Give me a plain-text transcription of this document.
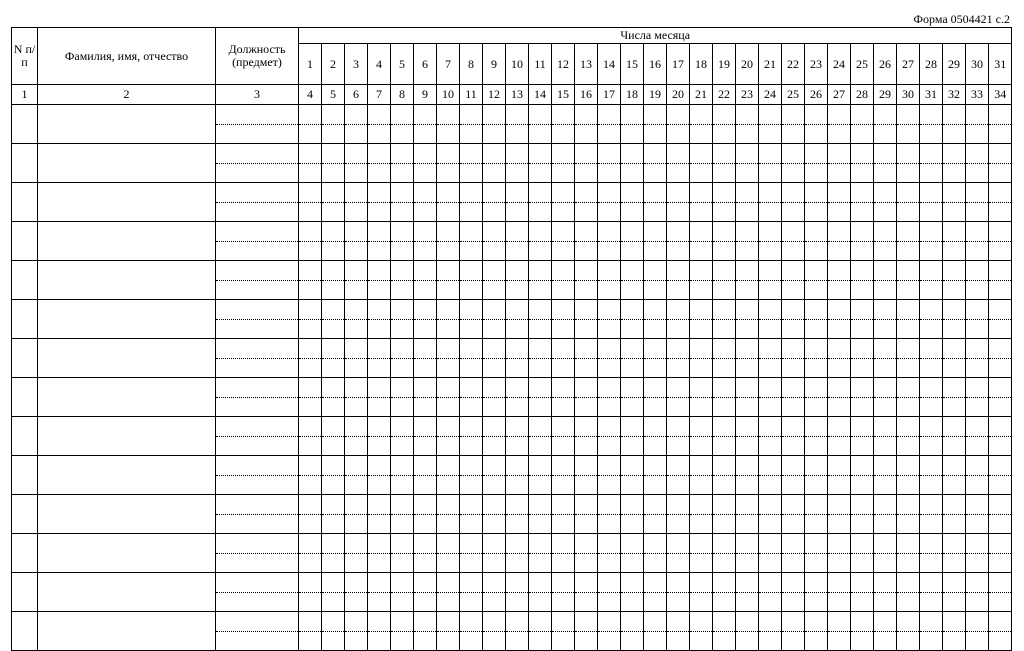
Форма 0504421 с.2
N п/п	Фамилия, имя, отчество	Должность (предмет)	Числа месяца																														
			1	2	3	4	5	6	7	8	9	10	11	12	13	14	15	16	17	18	19	20	21	22	23	24	25	26	27	28	29	30	31
1	2	3	4	5	6	7	8	9	10	11	12	13	14	15	16	17	18	19	20	21	22	23	24	25	26	27	28	29	30	31	32	33	34
